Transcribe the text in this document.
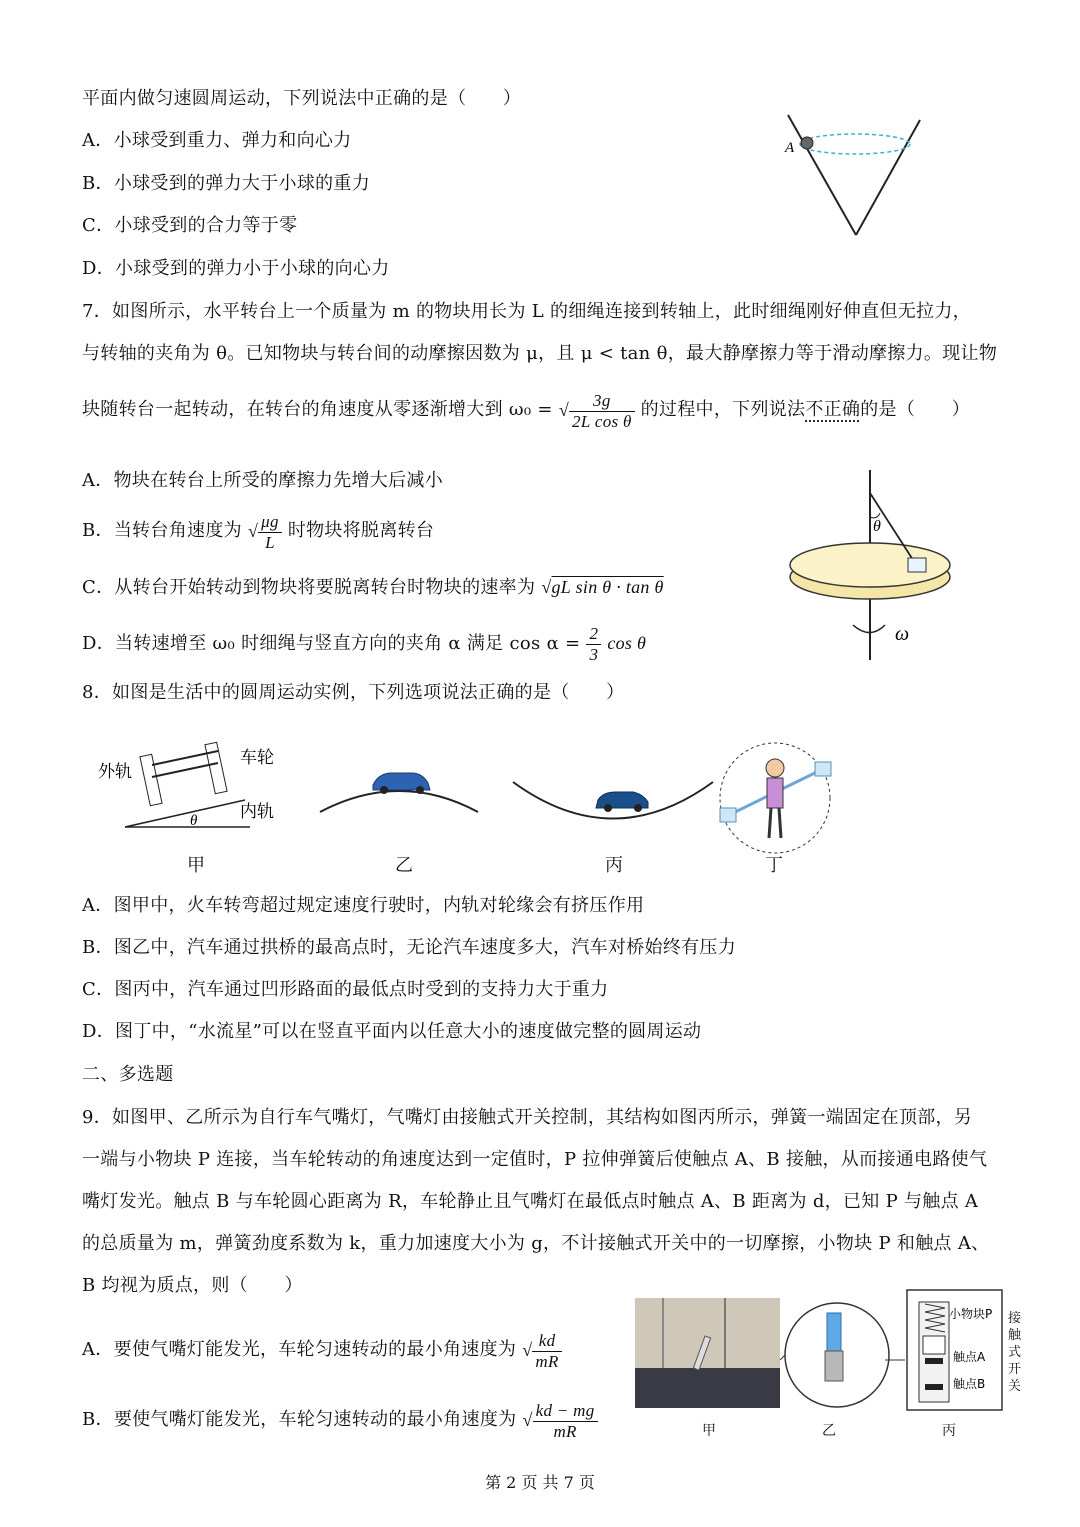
平面内做匀速圆周运动，下列说法中正确的是（　　）
A．小球受到重力、弹力和向心力
B．小球受到的弹力大于小球的重力
C．小球受到的合力等于零
D．小球受到的弹力小于小球的向心力
A
7．如图所示，水平转台上一个质量为 m 的物块用长为 L 的细绳连接到转轴上，此时细绳刚好伸直但无拉力，
与转轴的夹角为 θ。已知物块与转台间的动摩擦因数为 μ，且 μ < tan θ，最大静摩擦力等于滑动摩擦力。现让物
块随转台一起转动，在转台的角速度从零逐渐增大到 ω₀ = √ $\frac{3g}{\text{2L cos θ}}$ 的过程中，下列说法不正确的是（　　）
A．物块在转台上所受的摩擦力先增大后减小
B．当转台角速度为 √ $\frac{\mu g}{L}$ 时物块将脱离转台
C．从转台开始转动到物块将要脱离转台时物块的速率为 √gL sin θ · tan θ
D．当转速增至 ω₀ 时细绳与竖直方向的夹角 α 满足 $\cos \alpha = \frac{2}{3}$ cos θ
θ
ω
8．如图是生活中的圆周运动实例，下列选项说法正确的是（　　）
外轨
车轮
内轨
θ
甲	乙	丙	丁
A．图甲中，火车转弯超过规定速度行驶时，内轨对轮缘会有挤压作用
B．图乙中，汽车通过拱桥的最高点时，无论汽车速度多大，汽车对桥始终有压力
C．图丙中，汽车通过凹形路面的最低点时受到的支持力大于重力
D．图丁中，“水流星”可以在竖直平面内以任意大小的速度做完整的圆周运动
二、多选题
9．如图甲、乙所示为自行车气嘴灯，气嘴灯由接触式开关控制，其结构如图丙所示，弹簧一端固定在顶部，另
一端与小物块 P 连接，当车轮转动的角速度达到一定值时，P 拉伸弹簧后使触点 A、B 接触，从而接通电路使气
嘴灯发光。触点 B 与车轮圆心距离为 R，车轮静止且气嘴灯在最低点时触点 A、B 距离为 d，已知 P 与触点 A
的总质量为 m，弹簧劲度系数为 k，重力加速度大小为 g，不计接触式开关中的一切摩擦，小物块 P 和触点 A、
B 均视为质点，则（　　）
A．要使气嘴灯能发光，车轮匀速转动的最小角速度为 √ $\frac{kd}{mR}$
B．要使气嘴灯能发光，车轮匀速转动的最小角速度为 √ $\frac{kd - mg}{mR}$
小物块P
触点A
触点B
接触式开关
甲	乙	丙
第 2 页 共 7 页
